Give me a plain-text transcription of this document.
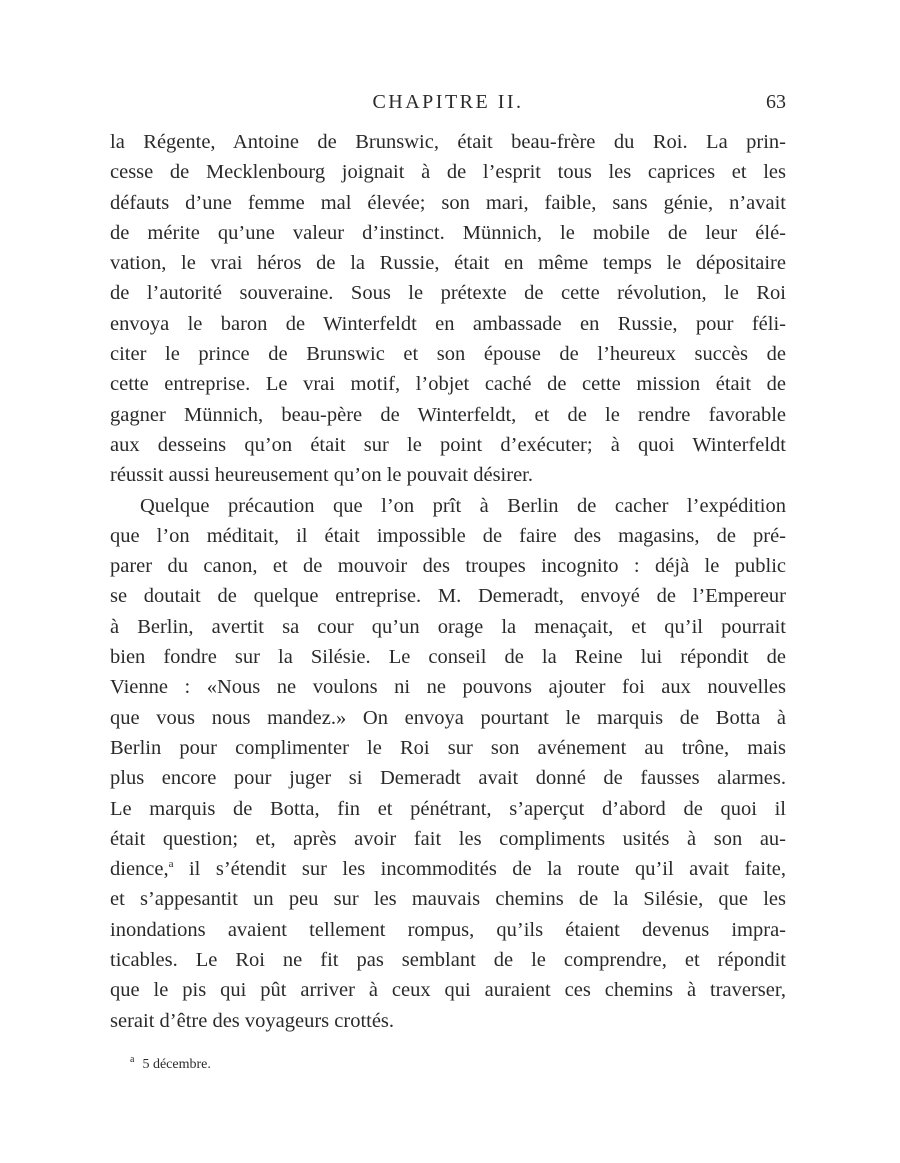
CHAPITRE II.	63
la Régente, Antoine de Brunswic, était beau-frère du Roi. La prin-
cesse de Mecklenbourg joignait à de l’esprit tous les caprices et les
défauts d’une femme mal élevée; son mari, faible, sans génie, n’avait
de mérite qu’une valeur d’instinct. Münnich, le mobile de leur élé-
vation, le vrai héros de la Russie, était en même temps le dépositaire
de l’autorité souveraine. Sous le prétexte de cette révolution, le Roi
envoya le baron de Winterfeldt en ambassade en Russie, pour féli-
citer le prince de Brunswic et son épouse de l’heureux succès de
cette entreprise. Le vrai motif, l’objet caché de cette mission était de
gagner Münnich, beau-père de Winterfeldt, et de le rendre favorable
aux desseins qu’on était sur le point d’exécuter; à quoi Winterfeldt
réussit aussi heureusement qu’on le pouvait désirer.
Quelque précaution que l’on prît à Berlin de cacher l’expédition
que l’on méditait, il était impossible de faire des magasins, de pré-
parer du canon, et de mouvoir des troupes incognito : déjà le public
se doutait de quelque entreprise. M. Demeradt, envoyé de l’Empereur
à Berlin, avertit sa cour qu’un orage la menaçait, et qu’il pourrait
bien fondre sur la Silésie. Le conseil de la Reine lui répondit de
Vienne : «Nous ne voulons ni ne pouvons ajouter foi aux nouvelles
que vous nous mandez.» On envoya pourtant le marquis de Botta à
Berlin pour complimenter le Roi sur son avénement au trône, mais
plus encore pour juger si Demeradt avait donné de fausses alarmes.
Le marquis de Botta, fin et pénétrant, s’aperçut d’abord de quoi il
était question; et, après avoir fait les compliments usités à son au-
dience,$^a$ il s’étendit sur les incommodités de la route qu’il avait faite,
et s’appesantit un peu sur les mauvais chemins de la Silésie, que les
inondations avaient tellement rompus, qu’ils étaient devenus impra-
ticables. Le Roi ne fit pas semblant de le comprendre, et répondit
que le pis qui pût arriver à ceux qui auraient ces chemins à traverser,
serait d’être des voyageurs crottés.
$^a$ 5 décembre.
